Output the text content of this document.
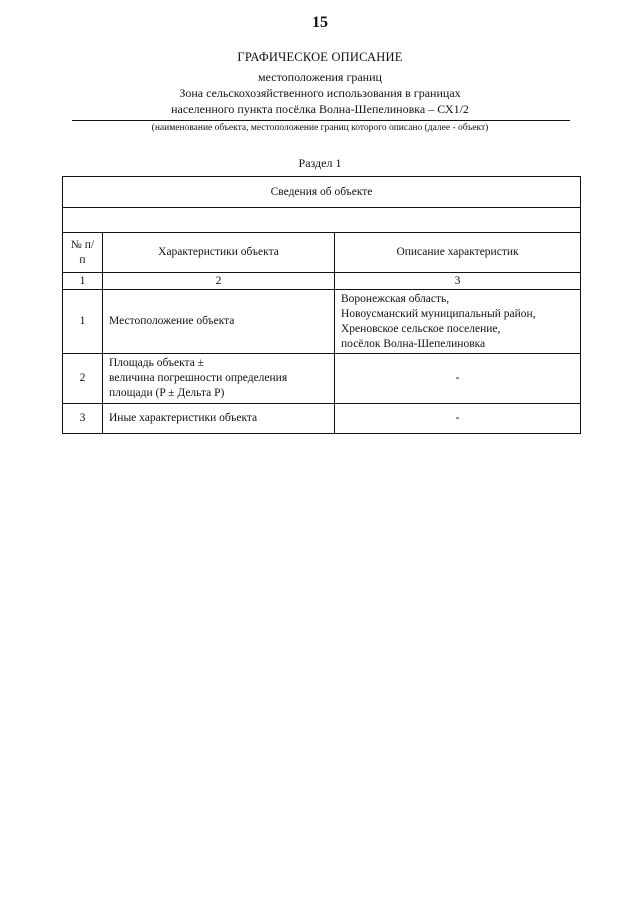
15
ГРАФИЧЕСКОЕ ОПИСАНИЕ
местоположения границ
Зона сельскохозяйственного использования в границах
населенного пункта посёлка Волна-Шепелиновка – СХ1/2
(наименование объекта, местоположение границ которого описано (далее - объект)
Раздел 1
Сведения об объекте		

№ п/п	Характеристики объекта	Описание характеристик
1	2	3
1	Местоположение объекта	Воронежская область,
Новоусманский муниципальный район,
Хреновское сельское поселение,
посёлок Волна-Шепелиновка

2	Площадь объекта ±
величина погрешности определения
площади (P ± Дельта P)	-
3	Иные характеристики объекта	-
